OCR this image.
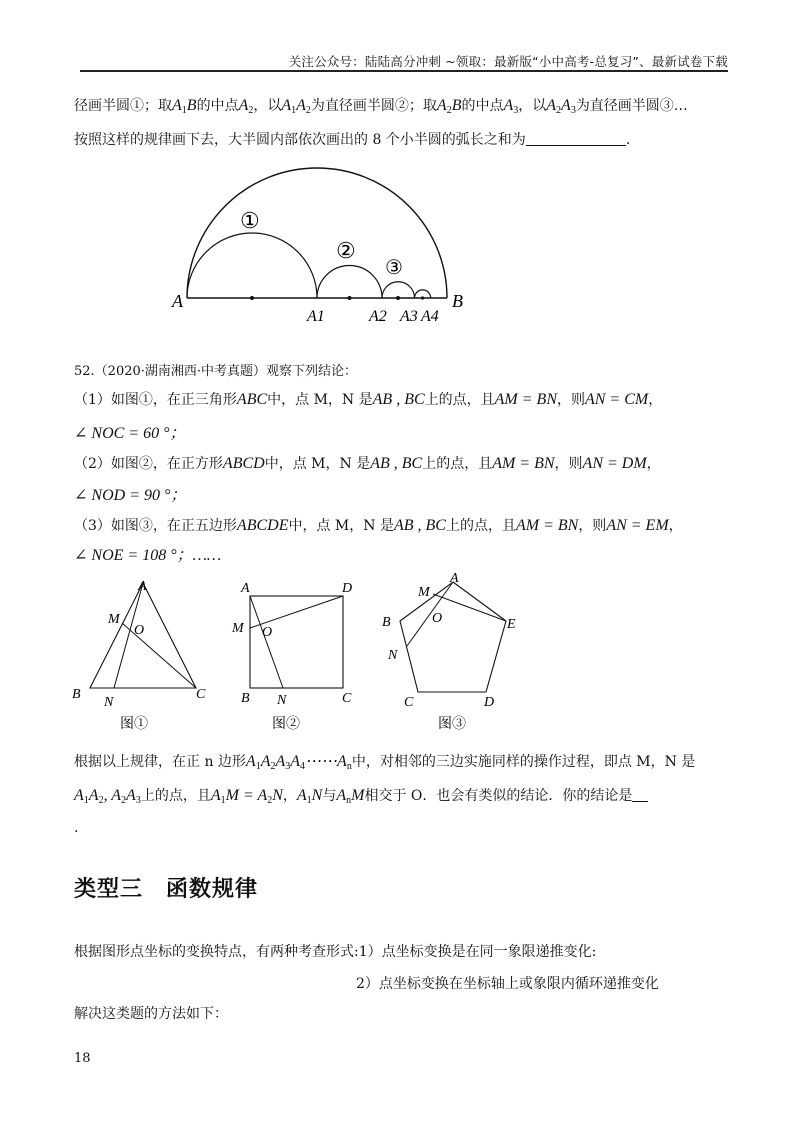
关注公众号：陆陆高分冲刺 ~领取：最新版“小中高考-总复习”、最新试卷下载
径画半圆①；取$A_1B$的中点$A_2$，以$A_1A_2$为直径画半圆②；取$A_2B$的中点$A_3$，以$A_2A_3$为直径画半圆③…
按照这样的规律画下去，大半圆内部依次画出的 8 个小半圆的弧长之和为	.
A	B
A1	A2 A3 A4
①
②
③
52.（2020·湖南湘西·中考真题）观察下列结论：
（1）如图①，在正三角形ABC中，点 M，N 是AB , BC上的点，且AM = BN，则AN = CM，
∠ NOC = 60 °；
（2）如图②，在正方形ABCD中，点 M，N 是AB , BC上的点，且AM = BN，则AN = DM，
∠ NOD = 90 °；
（3）如图③，在正五边形ABCDE中，点 M，N 是AB , BC上的点，且AM = BN，则AN = EM，
∠ NOE = 108 °；……
A
M
O
B
N
C
A	D
M O
B N	C
A
M
O
B
N
E
C	D
图①	图②	图③
根据以上规律，在正 n 边形$A_1A_2A_3A_4\cdots\cdots A_n$中，对相邻的三边实施同样的操作过程，即点 M，N 是
$A_1A_2$, $A_2A_3$上的点，且$A_1M = A_2N$，$A_1N$与$A_nM$相交于 O．也会有类似的结论．你的结论是
.
类型三　函数规律
根据图形点坐标的变换特点，有两种考查形式:1）点坐标变换是在同一象限递推变化:
2）点坐标变换在坐标轴上或象限内循环递推变化
解决这类题的方法如下：
18
